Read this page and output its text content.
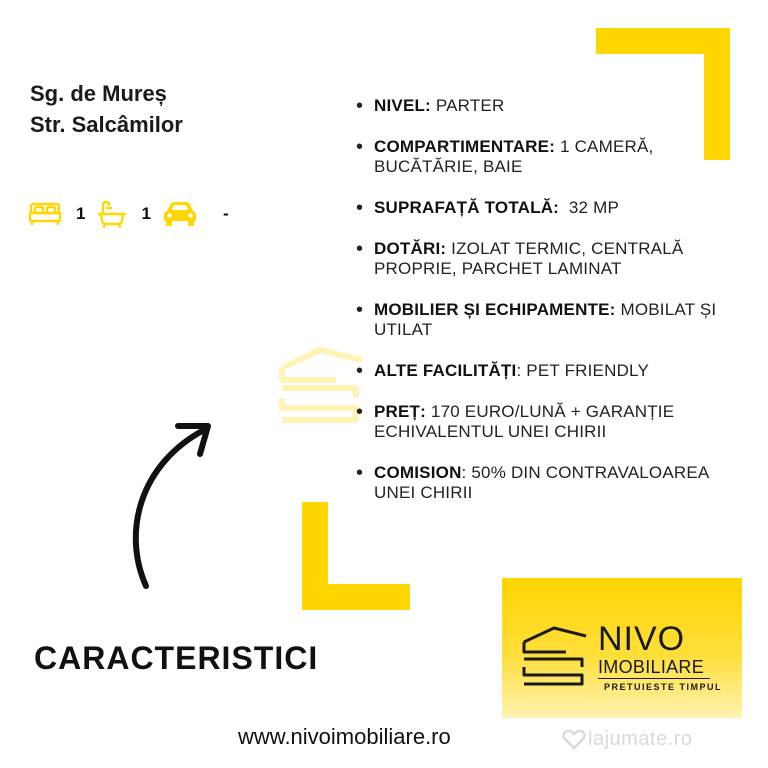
Sg. de Mureș
Str. Salcâmilor
1	1	-
• NIVEL: PARTER
• COMPARTIMENTARE: 1 CAMERĂ, BUCĂTĂRIE, BAIE
• SUPRAFAȚĂ TOTALĂ:  32 MP
• DOTĂRI: IZOLAT TERMIC, CENTRALĂ PROPRIE, PARCHET LAMINAT
• MOBILIER ȘI ECHIPAMENTE: MOBILAT ȘI UTILAT
• ALTE FACILITĂȚI: PET FRIENDLY
• PREȚ: 170 EURO/LUNĂ + GARANȚIE ECHIVALENTUL UNEI CHIRII
• COMISION: 50% DIN CONTRAVALOAREA UNEI CHIRII
CARACTERISTICI	NIVO
IMOBILIARE
PRETUIESTE TIMPUL
www.nivoimobiliare.ro	lajumate.ro
